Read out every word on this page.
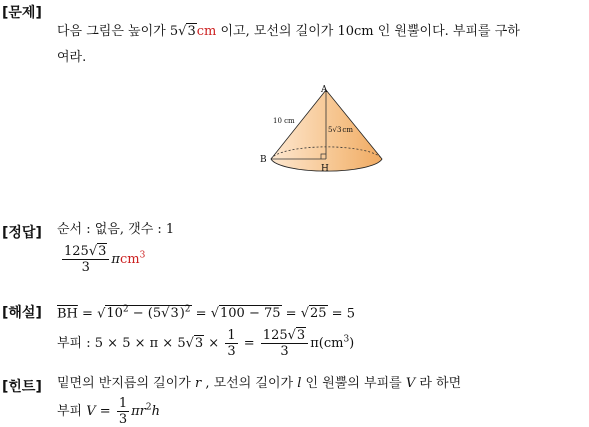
[문제]
다음 그림은 높이가 5√3cm 이고, 모선의 길이가 10cm 인 원뿔이다. 부피를 구하
여라.
A
B
H
10 cm
5√3cm
[정답] 순서 : 없음, 갯수 : 1
$\frac{125√3}{3} \pi cm^3$
[해설] $\overline{BH} = √10^2 - (5√3)^2 = √100 - 75 = √25 = 5$
부피 : $5 \times 5 \times \pi \times 5√3 \times \frac{1}{3} = \frac{125√3}{3} \pi(cm^3)$
[힌트] 밑면의 반지름의 길이가 r , 모선의 길이가 l 인 원뿔의 부피를 V 라 하면
부피 $V = \frac{1}{3} \pi r^2h$
